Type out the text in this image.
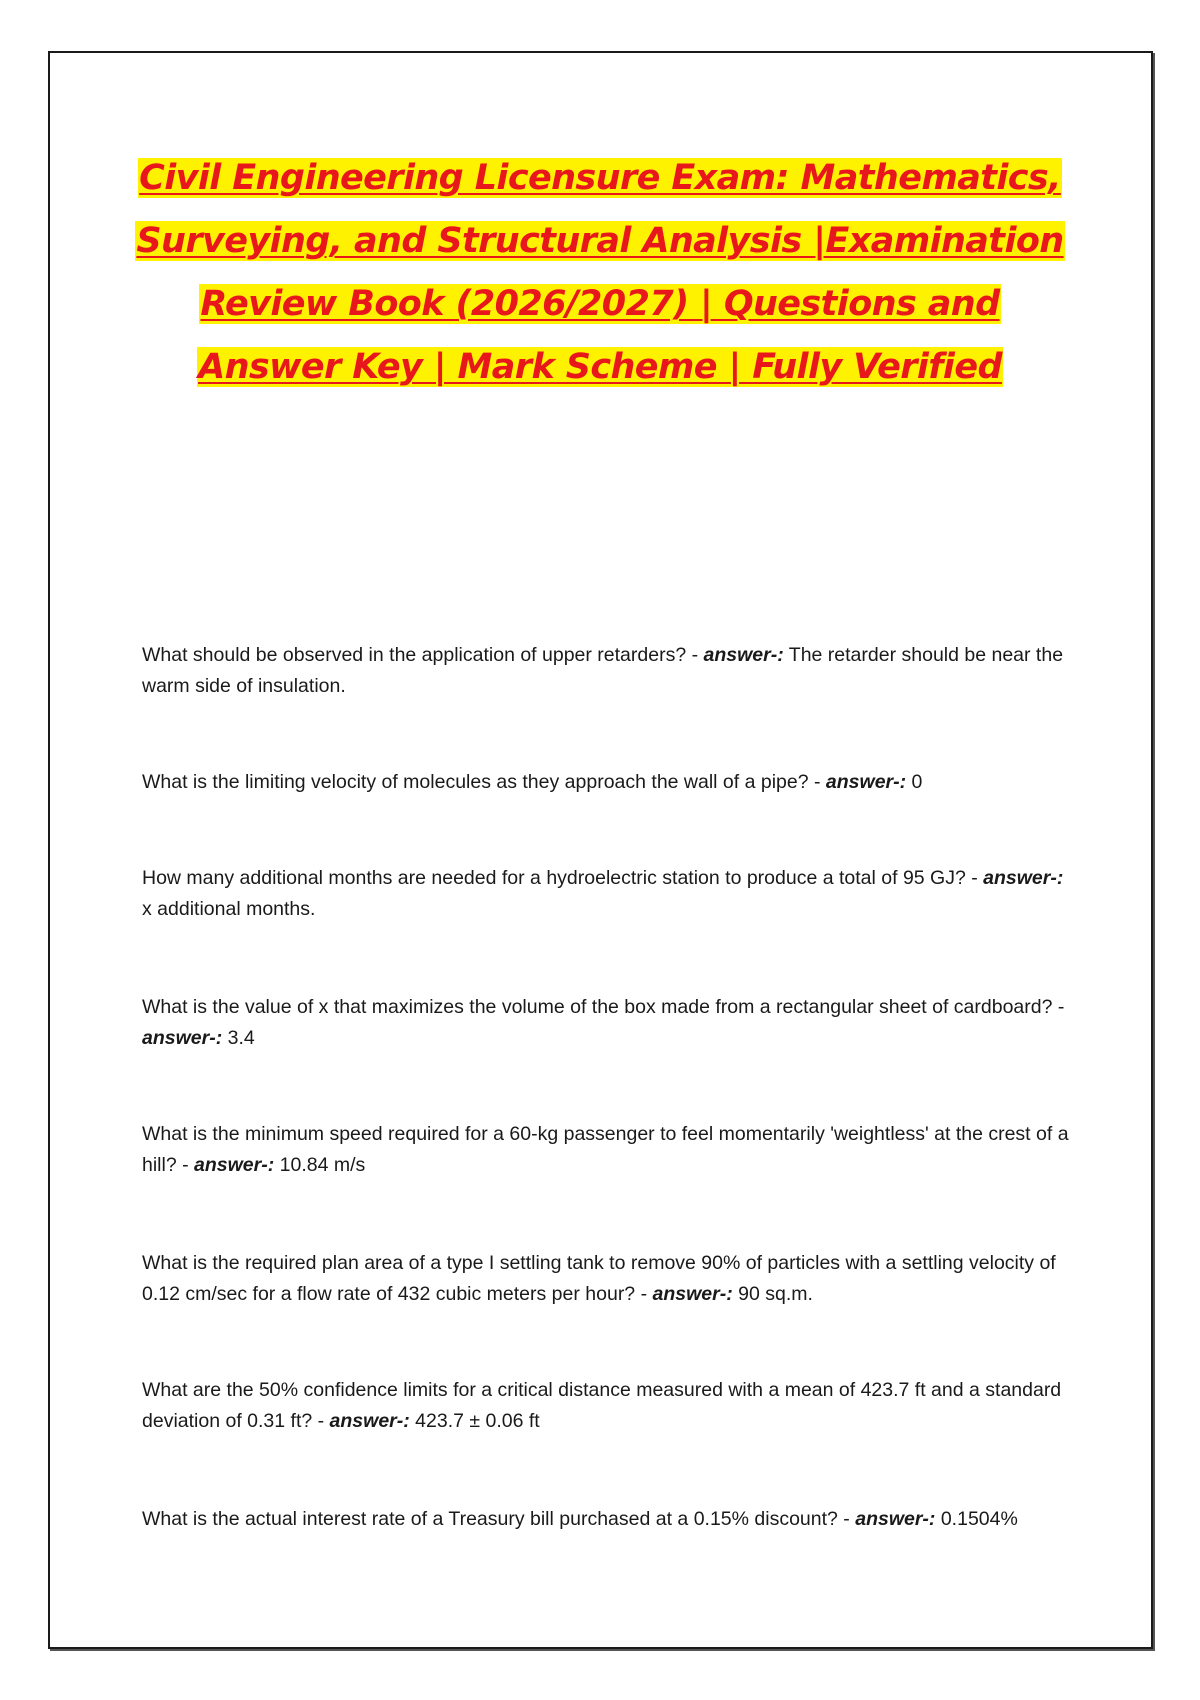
Civil Engineering Licensure Exam: Mathematics, Surveying, and Structural Analysis |Examination Review Book (2026/2027) | Questions and Answer Key | Mark Scheme | Fully Verified
What should be observed in the application of upper retarders? - answer-: The retarder should be near the warm side of insulation.
What is the limiting velocity of molecules as they approach the wall of a pipe? - answer-: 0
How many additional months are needed for a hydroelectric station to produce a total of 95 GJ? - answer-: x additional months.
What is the value of x that maximizes the volume of the box made from a rectangular sheet of cardboard? - answer-: 3.4
What is the minimum speed required for a 60-kg passenger to feel momentarily 'weightless' at the crest of a hill? - answer-: 10.84 m/s
What is the required plan area of a type I settling tank to remove 90% of particles with a settling velocity of 0.12 cm/sec for a flow rate of 432 cubic meters per hour? - answer-: 90 sq.m.
What are the 50% confidence limits for a critical distance measured with a mean of 423.7 ft and a standard deviation of 0.31 ft? - answer-: 423.7 ± 0.06 ft
What is the actual interest rate of a Treasury bill purchased at a 0.15% discount? - answer-: 0.1504%
